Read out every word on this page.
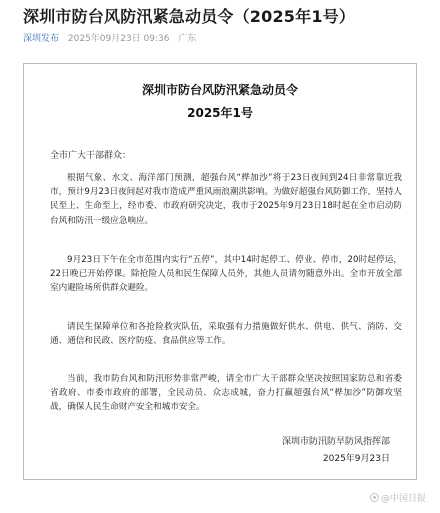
深圳市防台风防汛紧急动员令（2025年1号）
深圳发布 2025年09月23日 09:36 广东
深圳市防台风防汛紧急动员令
2025年1号
全市广大干部群众：
根据气象、水文、海洋部门预测，超强台风“桦加沙”将于23日夜间到24日非常靠近我市，预计9月23日夜间起对我市造成严重风雨浪潮洪影响。为做好超强台风防御工作，坚持人民至上、生命至上，经市委、市政府研究决定，我市于2025年9月23日18时起在全市启动防台风和防汛一级应急响应。
9月23日下午在全市范围内实行“五停”，其中14时起停工、停业、停市，20时起停运，22日晚已开始停课。除抢险人员和民生保障人员外，其他人员请勿随意外出。全市开放全部室内避险场所供群众避险。
请民生保障单位和各抢险救灾队伍，采取强有力措施做好供水、供电、供气、消防、交通、通信和民政、医疗防疫、食品供应等工作。
当前，我市防台风和防汛形势非常严峻，请全市广大干部群众坚决按照国家防总和省委省政府、市委市政府的部署，全民动员、众志成城，奋力打赢超强台风“桦加沙”防御攻坚战，确保人民生命财产安全和城市安全。
深圳市防汛防旱防风指挥部
2025年9月23日
@中国日报
